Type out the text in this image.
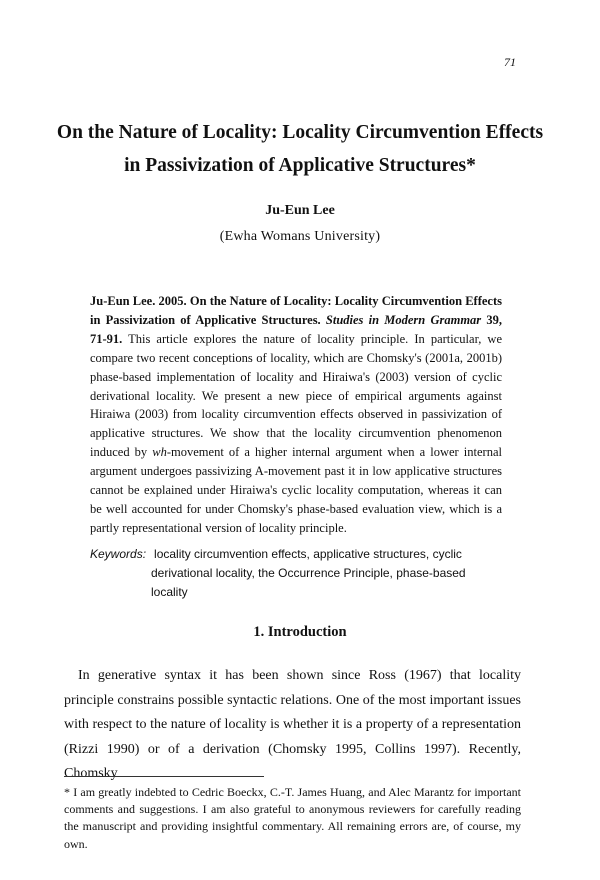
71
On the Nature of Locality: Locality Circumvention Effects
in Passivization of Applicative Structures*
Ju-Eun Lee
(Ewha Womans University)
Ju-Eun Lee. 2005. On the Nature of Locality: Locality Circumvention Effects in Passivization of Applicative Structures. Studies in Modern Grammar 39, 71-91. This article explores the nature of locality principle. In particular, we compare two recent conceptions of locality, which are Chomsky's (2001a, 2001b) phase-based implementation of locality and Hiraiwa's (2003) version of cyclic derivational locality. We present a new piece of empirical arguments against Hiraiwa (2003) from locality circumvention effects observed in passivization of applicative structures. We show that the locality circumvention phenomenon induced by wh-movement of a higher internal argument when a lower internal argument undergoes passivizing A-movement past it in low applicative structures cannot be explained under Hiraiwa's cyclic locality computation, whereas it can be well accounted for under Chomsky's phase-based evaluation view, which is a partly representational version of locality principle.
Keywords: locality circumvention effects, applicative structures, cyclic
derivational locality, the Occurrence Principle, phase-based locality
1. Introduction
In generative syntax it has been shown since Ross (1967) that locality principle constrains possible syntactic relations. One of the most important issues with respect to the nature of locality is whether it is a property of a representation (Rizzi 1990) or of a derivation (Chomsky 1995, Collins 1997). Recently, Chomsky
* I am greatly indebted to Cedric Boeckx, C.-T. James Huang, and Alec Marantz for important comments and suggestions. I am also grateful to anonymous reviewers for carefully reading the manuscript and providing insightful commentary. All remaining errors are, of course, my own.
